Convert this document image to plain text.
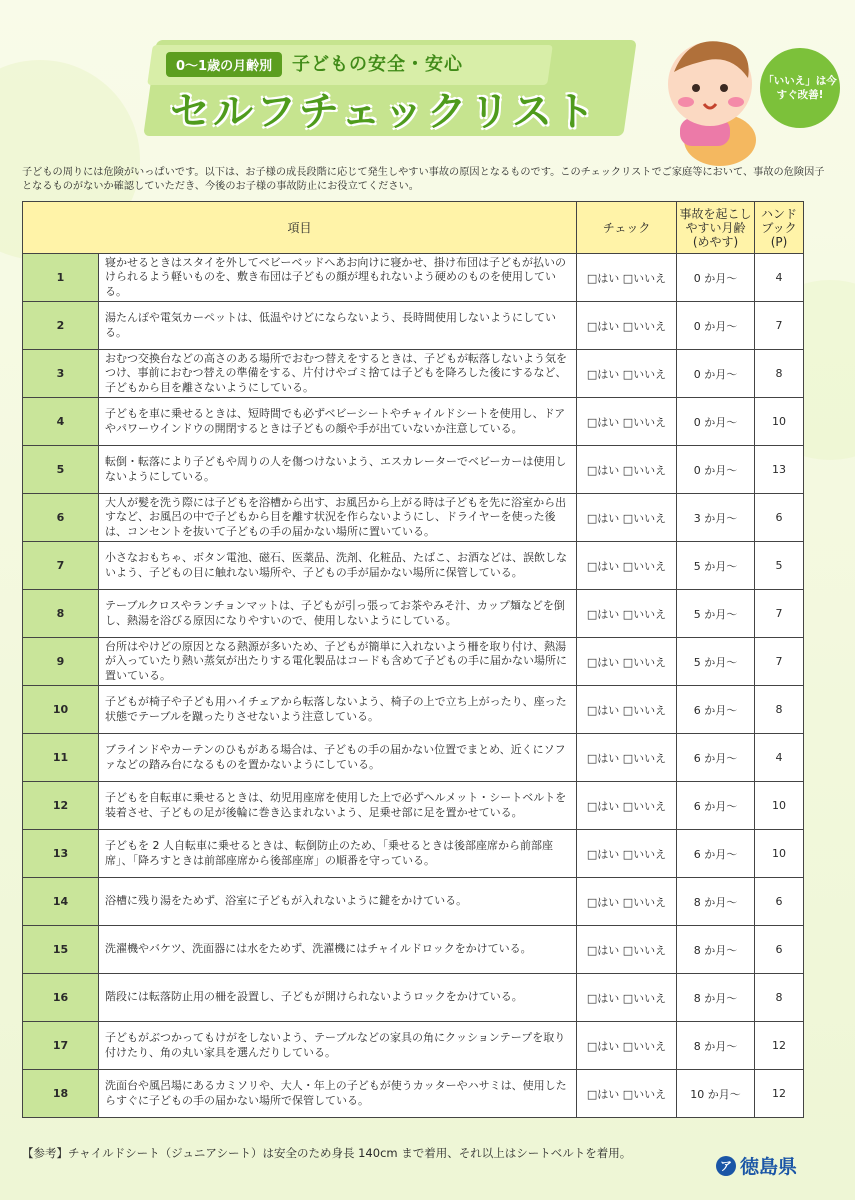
0〜1歳の月齢別	子どもの安全・安心
セルフチェックリスト
「いいえ」は今すぐ改善!
子どもの周りには危険がいっぱいです。以下は、お子様の成長段階に応じて発生しやすい事故の原因となるものです。このチェックリストでご家庭等において、事故の危険因子となるものがないか確認していただき、今後のお子様の事故防止にお役立てください。
項目		チェック	事故を起こしやすい月齢(めやす)	ハンドブック(P)
1	寝かせるときはスタイを外してベビーベッドへあお向けに寝かせ、掛け布団は子どもが払いのけられるよう軽いものを、敷き布団は子どもの顔が埋もれないよう硬めのものを使用している。	□はい □いいえ	0 か月〜	4
2	湯たんぽや電気カーペットは、低温やけどにならないよう、長時間使用しないようにしている。	□はい □いいえ	0 か月〜	7
3	おむつ交換台などの高さのある場所でおむつ替えをするときは、子どもが転落しないよう気をつけ、事前におむつ替えの準備をする、片付けやゴミ捨ては子どもを降ろした後にするなど、子どもから目を離さないようにしている。	□はい □いいえ	0 か月〜	8
4	子どもを車に乗せるときは、短時間でも必ずベビーシートやチャイルドシートを使用し、ドアやパワーウインドウの開閉するときは子どもの顔や手が出ていないか注意している。	□はい □いいえ	0 か月〜	10
5	転倒・転落により子どもや周りの人を傷つけないよう、エスカレーターでベビーカーは使用しないようにしている。	□はい □いいえ	0 か月〜	13
6	大人が髪を洗う際には子どもを浴槽から出す、お風呂から上がる時は子どもを先に浴室から出すなど、お風呂の中で子どもから目を離す状況を作らないようにし、ドライヤーを使った後は、コンセントを抜いて子どもの手の届かない場所に置いている。	□はい □いいえ	3 か月〜	6
7	小さなおもちゃ、ボタン電池、磁石、医薬品、洗剤、化粧品、たばこ、お酒などは、誤飲しないよう、子どもの目に触れない場所や、子どもの手が届かない場所に保管している。	□はい □いいえ	5 か月〜	5
8	テーブルクロスやランチョンマットは、子どもが引っ張ってお茶やみそ汁、カップ麺などを倒し、熱湯を浴びる原因になりやすいので、使用しないようにしている。	□はい □いいえ	5 か月〜	7
9	台所はやけどの原因となる熱源が多いため、子どもが簡単に入れないよう柵を取り付け、熱湯が入っていたり熱い蒸気が出たりする電化製品はコードも含めて子どもの手に届かない場所に置いている。	□はい □いいえ	5 か月〜	7
10	子どもが椅子や子ども用ハイチェアから転落しないよう、椅子の上で立ち上がったり、座った状態でテーブルを蹴ったりさせないよう注意している。	□はい □いいえ	6 か月〜	8
11	ブラインドやカーテンのひもがある場合は、子どもの手の届かない位置でまとめ、近くにソファなどの踏み台になるものを置かないようにしている。	□はい □いいえ	6 か月〜	4
12	子どもを自転車に乗せるときは、幼児用座席を使用した上で必ずヘルメット・シートベルトを装着させ、子どもの足が後輪に巻き込まれないよう、足乗せ部に足を置かせている。	□はい □いいえ	6 か月〜	10
13	子どもを 2 人自転車に乗せるときは、転倒防止のため、「乗せるときは後部座席から前部座席」、「降ろすときは前部座席から後部座席」の順番を守っている。	□はい □いいえ	6 か月〜	10
14	浴槽に残り湯をためず、浴室に子どもが入れないように鍵をかけている。	□はい □いいえ	8 か月〜	6
15	洗濯機やバケツ、洗面器には水をためず、洗濯機にはチャイルドロックをかけている。	□はい □いいえ	8 か月〜	6
16	階段には転落防止用の柵を設置し、子どもが開けられないようロックをかけている。	□はい □いいえ	8 か月〜	8
17	子どもがぶつかってもけがをしないよう、テーブルなどの家具の角にクッションテープを取り付けたり、角の丸い家具を選んだりしている。	□はい □いいえ	8 か月〜	12
18	洗面台や風呂場にあるカミソリや、大人・年上の子どもが使うカッターやハサミは、使用したらすぐに子どもの手の届かない場所で保管している。	□はい □いいえ	10 か月〜	12
【参考】チャイルドシート（ジュニアシート）は安全のため身長 140cm まで着用、それ以上はシートベルトを着用。
ア 徳島県
